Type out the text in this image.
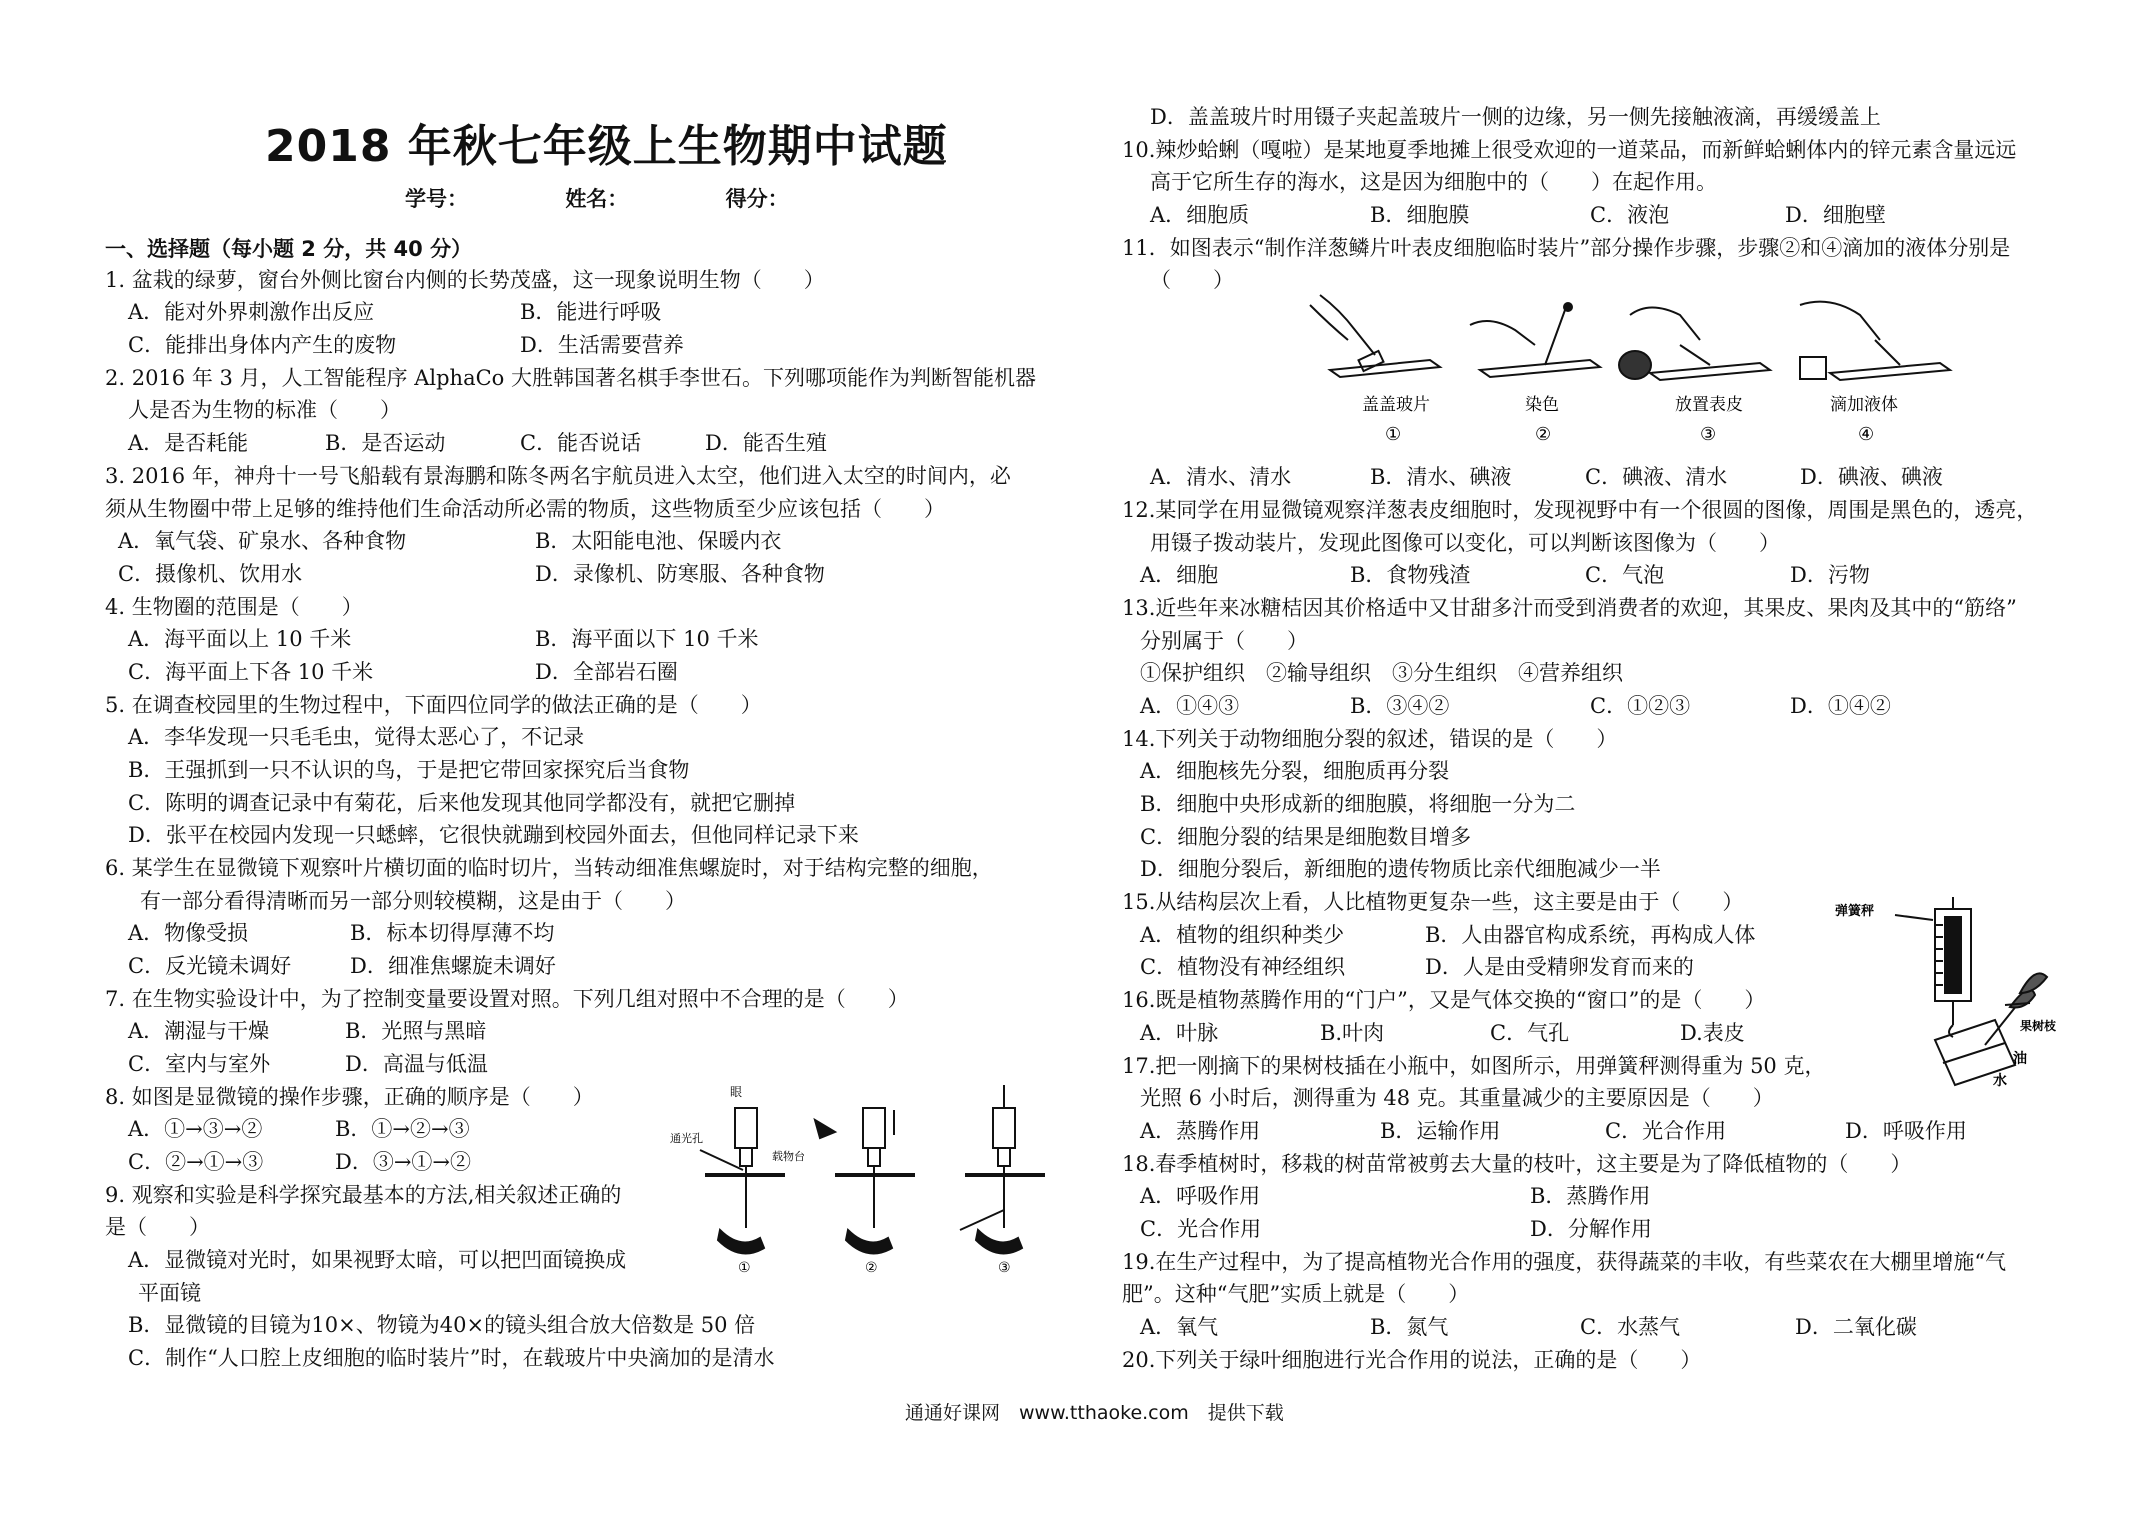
2018 年秋七年级上生物期中试题
学号：	姓名：	得分：
一、选择题（每小题 2 分，共 40 分）
1. 盆栽的绿萝，窗台外侧比窗台内侧的长势茂盛，这一现象说明生物（　　）
A．能对外界刺激作出反应	B．能进行呼吸
C．能排出身体内产生的废物	D．生活需要营养
2. 2016 年 3 月，人工智能程序 AlphaCo 大胜韩国著名棋手李世石。下列哪项能作为判断智能机器
人是否为生物的标准（　　）
A．是否耗能	B．是否运动	C．能否说话	D．能否生殖
3. 2016 年，神舟十一号飞船载有景海鹏和陈冬两名宇航员进入太空，他们进入太空的时间内，必
须从生物圈中带上足够的维持他们生命活动所必需的物质，这些物质至少应该包括（　　）
A．氧气袋、矿泉水、各种食物	B．太阳能电池、保暖内衣
C．摄像机、饮用水	D．录像机、防寒服、各种食物
4. 生物圈的范围是（　　）
A．海平面以上 10 千米	B．海平面以下 10 千米
C．海平面上下各 10 千米	D．全部岩石圈
5. 在调查校园里的生物过程中，下面四位同学的做法正确的是（　　）
A．李华发现一只毛毛虫，觉得太恶心了，不记录
B．王强抓到一只不认识的鸟，于是把它带回家探究后当食物
C．陈明的调查记录中有菊花，后来他发现其他同学都没有，就把它删掉
D．张平在校园内发现一只蟋蟀，它很快就蹦到校园外面去，但他同样记录下来
6. 某学生在显微镜下观察叶片横切面的临时切片，当转动细准焦螺旋时，对于结构完整的细胞，
有一部分看得清晰而另一部分则较模糊，这是由于（　　）
A．物像受损	B．标本切得厚薄不均
C．反光镜未调好	D．细准焦螺旋未调好
7. 在生物实验设计中，为了控制变量要设置对照。下列几组对照中不合理的是（　　）
A．潮湿与干燥	B．光照与黑暗
C．室内与室外	D．高温与低温
8. 如图是显微镜的操作步骤，正确的顺序是（　　）
A．①→③→②	B．①→②→③
C．②→①→③	D．③→①→②
眼
通光孔
载物台
①	②	③
9. 观察和实验是科学探究最基本的方法,相关叙述正确的
是（　　）
A．显微镜对光时，如果视野太暗，可以把凹面镜换成
平面镜
B．显微镜的目镜为10×、物镜为40×的镜头组合放大倍数是 50 倍
C．制作“人口腔上皮细胞的临时装片”时，在载玻片中央滴加的是清水
D．盖盖玻片时用镊子夹起盖玻片一侧的边缘，另一侧先接触液滴，再缓缓盖上
10.辣炒蛤蜊（嘎啦）是某地夏季地摊上很受欢迎的一道菜品，而新鲜蛤蜊体内的锌元素含量远远
高于它所生存的海水，这是因为细胞中的（　　）在起作用。
A．细胞质	B．细胞膜	C．液泡	D．细胞壁
11．如图表示“制作洋葱鳞片叶表皮细胞临时装片”部分操作步骤，步骤②和④滴加的液体分别是
（　　）
盖盖玻片	染色	放置表皮	滴加液体
①	②	③	④
A．清水、清水	B．清水、碘液	C．碘液、清水	D．碘液、碘液
12.某同学在用显微镜观察洋葱表皮细胞时，发现视野中有一个很圆的图像，周围是黑色的，透亮，
用镊子拨动装片，发现此图像可以变化，可以判断该图像为（　　）
A．细胞	B．食物残渣	C．气泡	D．污物
13.近些年来冰糖桔因其价格适中又甘甜多汁而受到消费者的欢迎，其果皮、果肉及其中的“筋络”
分别属于（　　）
①保护组织　②输导组织　③分生组织　④营养组织
A．①④③	B．③④②	C．①②③	D．①④②
14.下列关于动物细胞分裂的叙述，错误的是（　　）
A．细胞核先分裂，细胞质再分裂
B．细胞中央形成新的细胞膜，将细胞一分为二
C．细胞分裂的结果是细胞数目增多
D．细胞分裂后，新细胞的遗传物质比亲代细胞减少一半
15.从结构层次上看，人比植物更复杂一些，这主要是由于（　　）
A．植物的组织种类少	B．人由器官构成系统，再构成人体
C．植物没有神经组织	D．人是由受精卵发育而来的
16.既是植物蒸腾作用的“门户”，又是气体交换的“窗口”的是（　　）
A．叶脉	B.叶肉	C．气孔	D.表皮
弹簧秤
果树枝
油
水
17.把一刚摘下的果树枝插在小瓶中，如图所示，用弹簧秤测得重为 50 克，
光照 6 小时后，测得重为 48 克。其重量减少的主要原因是（　　）
A．蒸腾作用	B．运输作用	C．光合作用	D．呼吸作用
18.春季植树时，移栽的树苗常被剪去大量的枝叶，这主要是为了降低植物的（　　）
A．呼吸作用	B．蒸腾作用
C．光合作用	D．分解作用
19.在生产过程中，为了提高植物光合作用的强度，获得蔬菜的丰收，有些菜农在大棚里增施“气
肥”。这种“气肥”实质上就是（　　）
A．氧气	B．氮气	C．水蒸气	D．二氧化碳
20.下列关于绿叶细胞进行光合作用的说法，正确的是（　　）
通通好课网　www.tthaoke.com　提供下载
